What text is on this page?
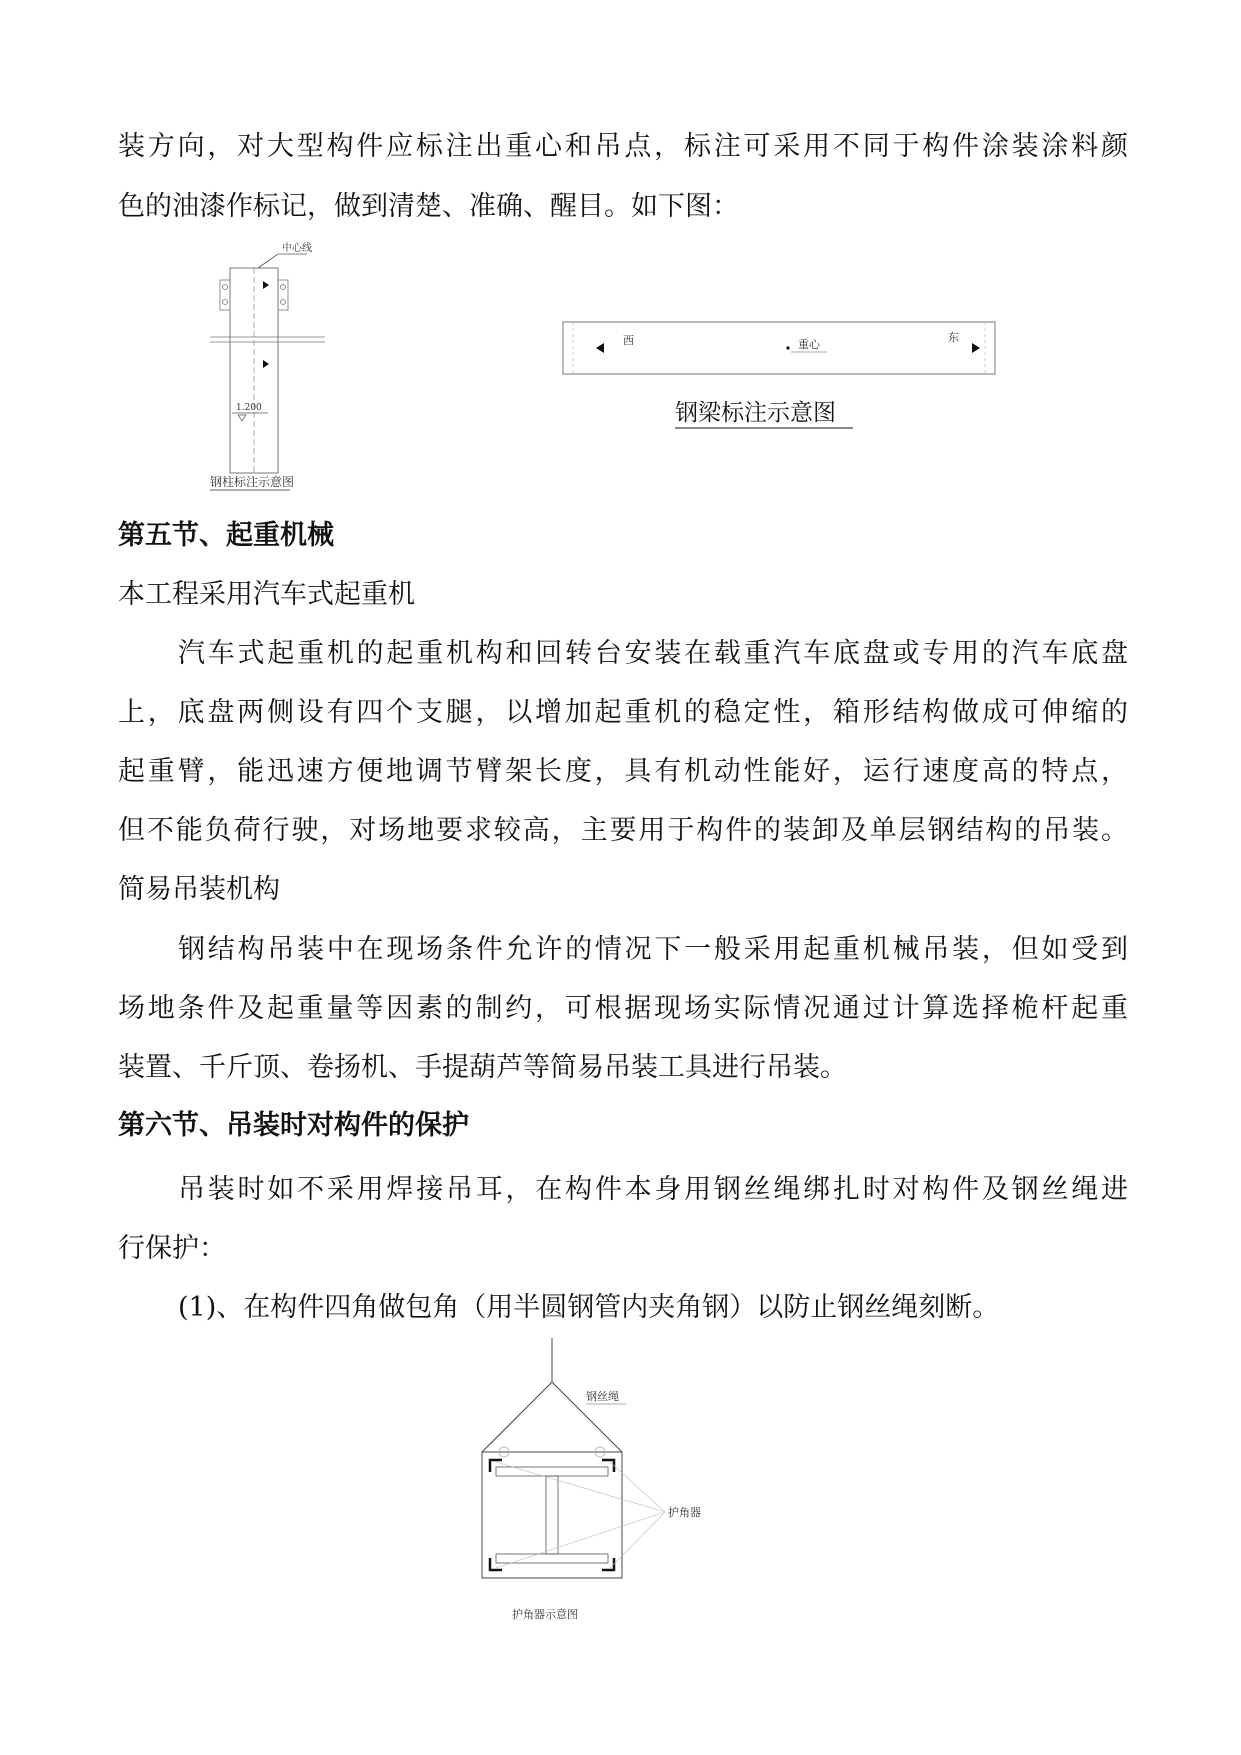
装方向，对大型构件应标注出重心和吊点，标注可采用不同于构件涂装涂料颜
色的油漆作标记，做到清楚、准确、醒目。如下图：
中心线
1.200
钢柱标注示意图
西	东
重心
钢梁标注示意图
第五节、起重机械
本工程采用汽车式起重机
汽车式起重机的起重机构和回转台安装在载重汽车底盘或专用的汽车底盘
上，底盘两侧设有四个支腿，以增加起重机的稳定性，箱形结构做成可伸缩的
起重臂，能迅速方便地调节臂架长度，具有机动性能好，运行速度高的特点，
但不能负荷行驶，对场地要求较高，主要用于构件的装卸及单层钢结构的吊装。
简易吊装机构
钢结构吊装中在现场条件允许的情况下一般采用起重机械吊装，但如受到
场地条件及起重量等因素的制约，可根据现场实际情况通过计算选择桅杆起重
装置、千斤顶、卷扬机、手提葫芦等简易吊装工具进行吊装。
第六节、吊装时对构件的保护
吊装时如不采用焊接吊耳，在构件本身用钢丝绳绑扎时对构件及钢丝绳进
行保护：
(1)、在构件四角做包角（用半圆钢管内夹角钢）以防止钢丝绳刻断。
钢丝绳
护角器
护角器示意图
